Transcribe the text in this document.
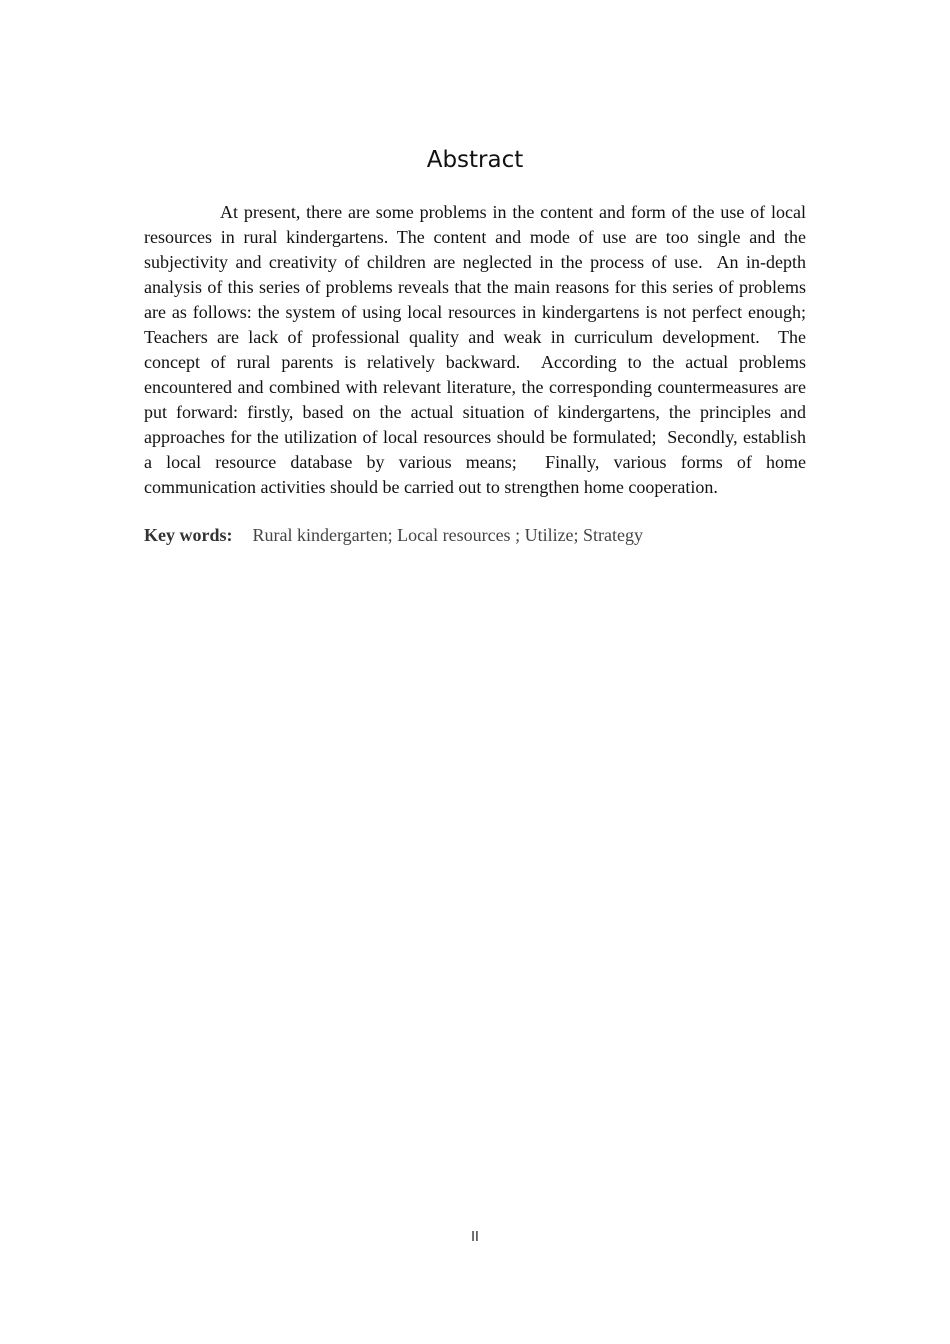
Abstract

At present, there are some problems in the content and form of the use of local resources in rural kindergartens. The content and mode of use are too single and the subjectivity and creativity of children are neglected in the process of use.  An in-depth analysis of this series of problems reveals that the main reasons for this series of problems are as follows: the system of using local resources in kindergartens is not perfect enough;  Teachers are lack of professional quality and weak in curriculum development.  The concept of rural parents is relatively backward.  According to the actual problems encountered and combined with relevant literature, the corresponding countermeasures are put forward: firstly, based on the actual situation of kindergartens, the principles and approaches for the utilization of local resources should be formulated;  Secondly, establish a local resource database by various means;  Finally, various forms of home communication activities should be carried out to strengthen home cooperation.

Key words: Rural kindergarten; Local resources ; Utilize; Strategy

II
